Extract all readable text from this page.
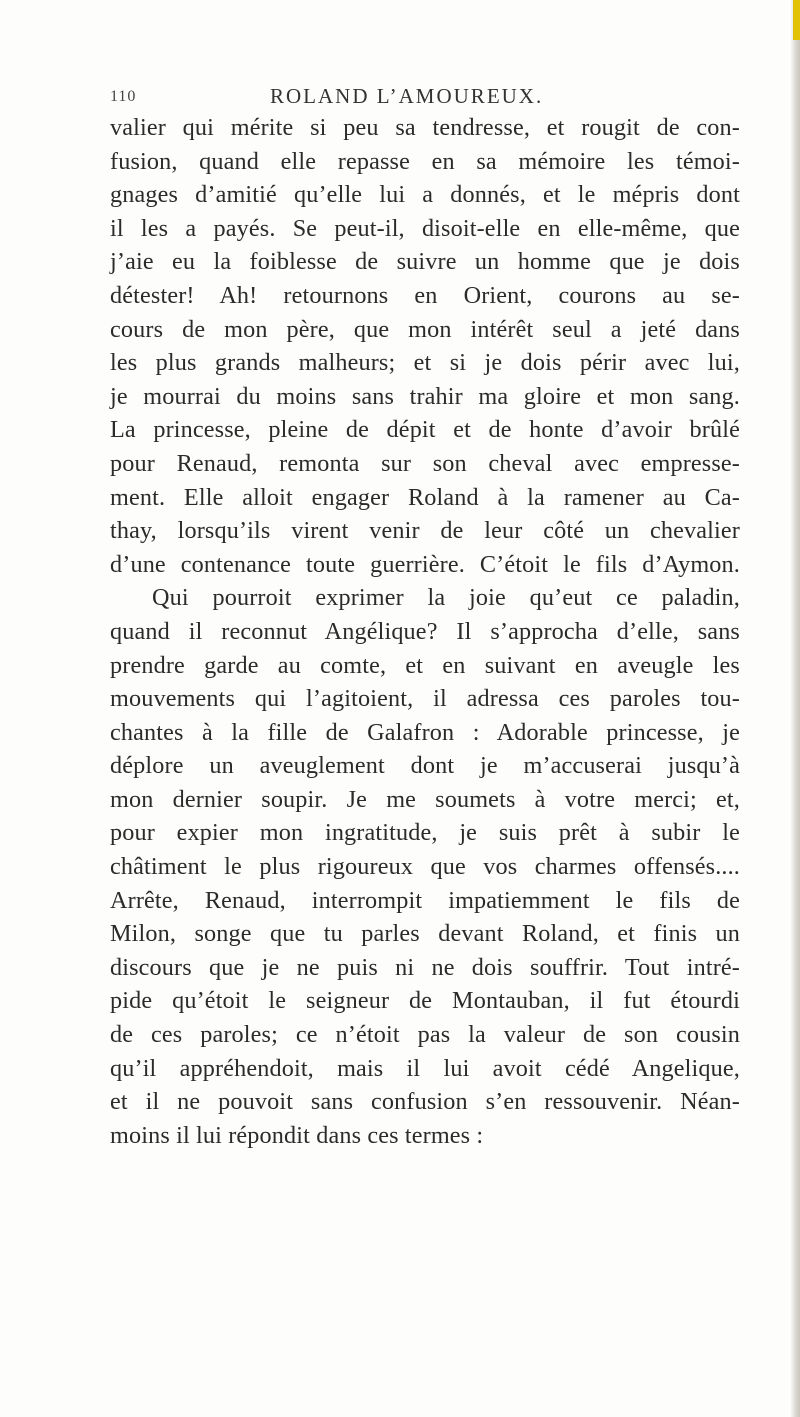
110	ROLAND L’AMOUREUX.
valier qui mérite si peu sa tendresse, et rougit de con-
fusion, quand elle repasse en sa mémoire les témoi-
gnages d’amitié qu’elle lui a donnés, et le mépris dont
il les a payés. Se peut-il, disoit-elle en elle-même, que
j’aie eu la foiblesse de suivre un homme que je dois
détester! Ah! retournons en Orient, courons au se-
cours de mon père, que mon intérêt seul a jeté dans
les plus grands malheurs; et si je dois périr avec lui,
je mourrai du moins sans trahir ma gloire et mon sang.
La princesse, pleine de dépit et de honte d’avoir brûlé
pour Renaud, remonta sur son cheval avec empresse-
ment. Elle alloit engager Roland à la ramener au Ca-
thay, lorsqu’ils virent venir de leur côté un chevalier
d’une contenance toute guerrière. C’étoit le fils d’Aymon.
Qui pourroit exprimer la joie qu’eut ce paladin,
quand il reconnut Angélique? Il s’approcha d’elle, sans
prendre garde au comte, et en suivant en aveugle les
mouvements qui l’agitoient, il adressa ces paroles tou-
chantes à la fille de Galafron : Adorable princesse, je
déplore un aveuglement dont je m’accuserai jusqu’à
mon dernier soupir. Je me soumets à votre merci; et,
pour expier mon ingratitude, je suis prêt à subir le
châtiment le plus rigoureux que vos charmes offensés....
Arrête, Renaud, interrompit impatiemment le fils de
Milon, songe que tu parles devant Roland, et finis un
discours que je ne puis ni ne dois souffrir. Tout intré-
pide qu’étoit le seigneur de Montauban, il fut étourdi
de ces paroles; ce n’étoit pas la valeur de son cousin
qu’il appréhendoit, mais il lui avoit cédé Angelique,
et il ne pouvoit sans confusion s’en ressouvenir. Néan-
moins il lui répondit dans ces termes :
